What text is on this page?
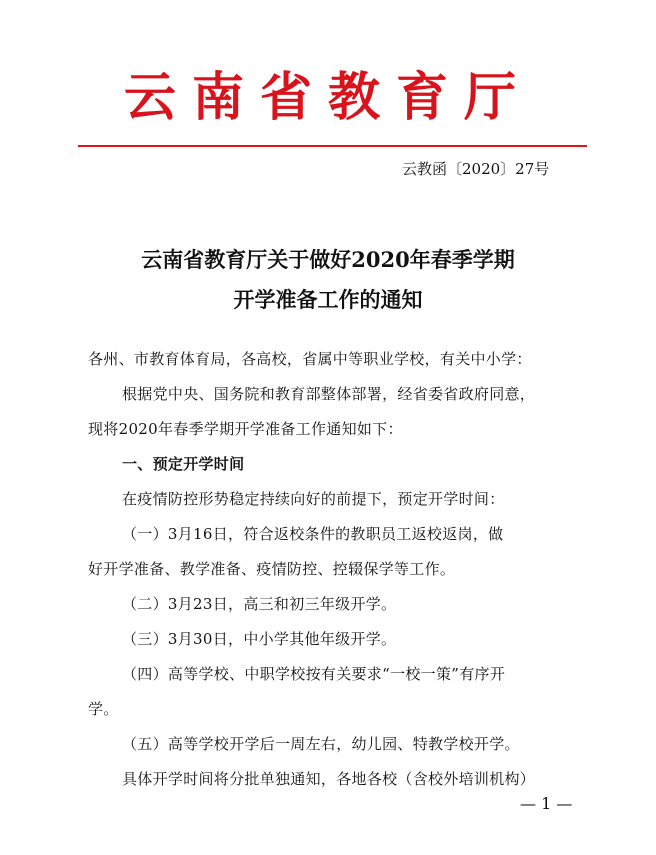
云南省教育厅
云教函〔2020〕27号
云南省教育厅关于做好2020年春季学期
开学准备工作的通知
各州、市教育体育局，各高校，省属中等职业学校，有关中小学：
根据党中央、国务院和教育部整体部署，经省委省政府同意，
现将2020年春季学期开学准备工作通知如下：
一、预定开学时间
在疫情防控形势稳定持续向好的前提下，预定开学时间：
（一）3月16日，符合返校条件的教职员工返校返岗，做
好开学准备、教学准备、疫情防控、控辍保学等工作。
（二）3月23日，高三和初三年级开学。
（三）3月30日，中小学其他年级开学。
（四）高等学校、中职学校按有关要求“一校一策”有序开
学。
（五）高等学校开学后一周左右，幼儿园、特教学校开学。
具体开学时间将分批单独通知，各地各校（含校外培训机构）
— 1 —
